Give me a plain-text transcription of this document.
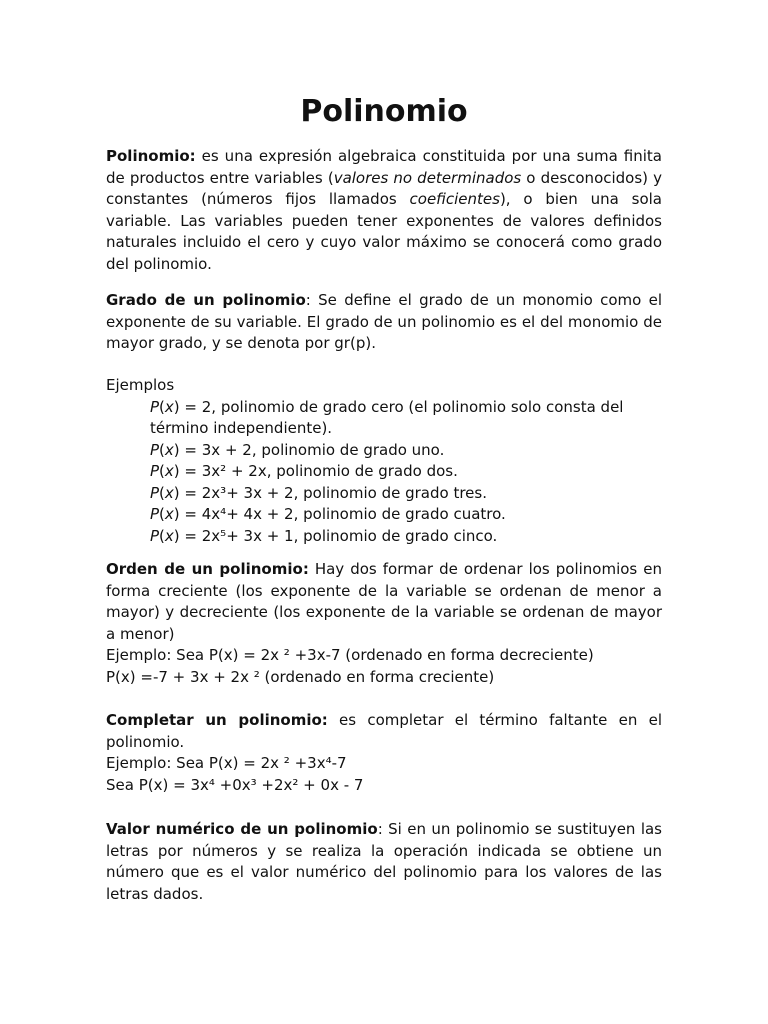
Polinomio

Polinomio: es una expresión algebraica constituida por una suma finita de productos entre variables (valores no determinados o desconocidos) y constantes (números fijos llamados coeficientes), o bien una sola variable. Las variables pueden tener exponentes de valores definidos naturales incluido el cero y cuyo valor máximo se conocerá como grado del polinomio.

Grado de un polinomio: Se define el grado de un monomio como el exponente de su variable. El grado de un polinomio es el del monomio de mayor grado, y se denota por gr(p).

Ejemplos
P(x) = 2, polinomio de grado cero (el polinomio solo consta del término independiente).
P(x) = 3x + 2, polinomio de grado uno.
P(x) = 3x² + 2x, polinomio de grado dos.
P(x) = 2x³+ 3x + 2, polinomio de grado tres.
P(x) = 4x⁴+ 4x + 2, polinomio de grado cuatro.
P(x) = 2x⁵+ 3x + 1, polinomio de grado cinco.

Orden de un polinomio: Hay dos formar de ordenar los polinomios en forma creciente (los exponente de la variable se ordenan de menor a mayor) y decreciente (los exponente de la variable se ordenan de mayor a menor)

Ejemplo: Sea P(x) = 2x ² +3x-7 (ordenado en forma decreciente)
P(x) =-7 + 3x + 2x ² (ordenado en forma creciente)

Completar un polinomio: es completar el término faltante en el polinomio.

Ejemplo: Sea P(x) = 2x ² +3x⁴-7
Sea P(x) = 3x⁴ +0x³ +2x² + 0x - 7

Valor numérico de un polinomio: Si en un polinomio se sustituyen las letras por números y se realiza la operación indicada se obtiene un número que es el valor numérico del polinomio para los valores de las letras dados.
